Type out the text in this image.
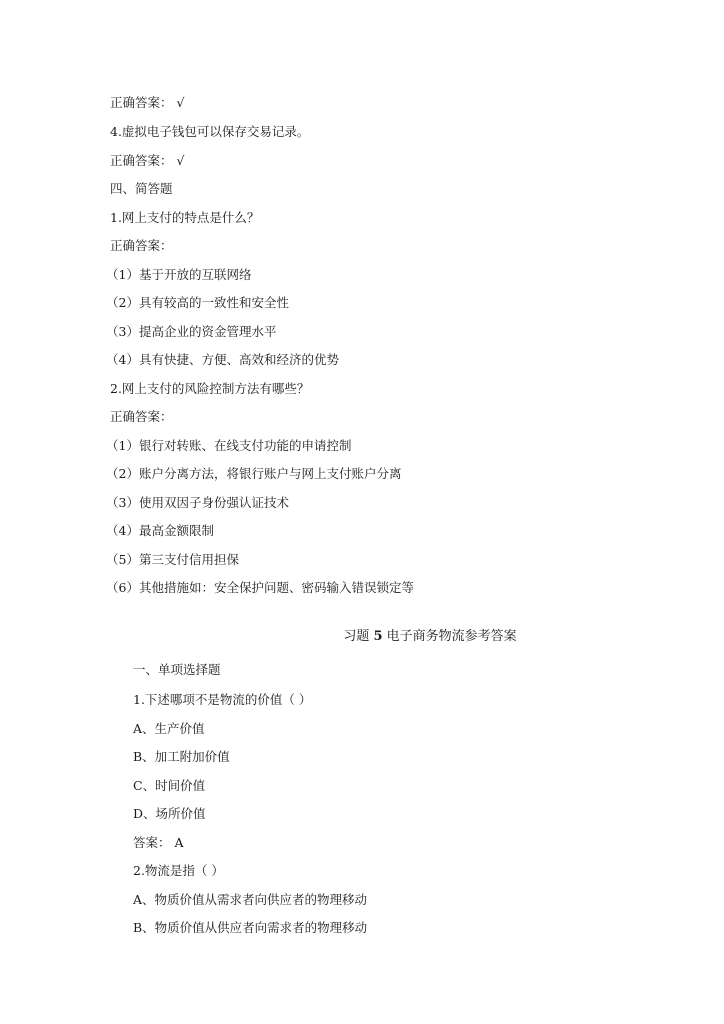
正确答案： √
4.虚拟电子钱包可以保存交易记录。
正确答案： √
四、简答题
1.网上支付的特点是什么？
正确答案：
（1）基于开放的互联网络
（2）具有较高的一致性和安全性
（3）提高企业的资金管理水平
（4）具有快捷、方便、高效和经济的优势
2.网上支付的风险控制方法有哪些？
正确答案：
（1）银行对转账、在线支付功能的申请控制
（2）账户分离方法，将银行账户与网上支付账户分离
（3）使用双因子身份强认证技术
（4）最高金额限制
（5）第三支付信用担保
（6）其他措施如：安全保护问题、密码输入错误锁定等
习题 5 电子商务物流参考答案
一、单项选择题
1.下述哪项不是物流的价值（ ）
A、生产价值
B、加工附加价值
C、时间价值
D、场所价值
答案： A
2.物流是指（ ）
A、物质价值从需求者向供应者的物理移动
B、物质价值从供应者向需求者的物理移动
